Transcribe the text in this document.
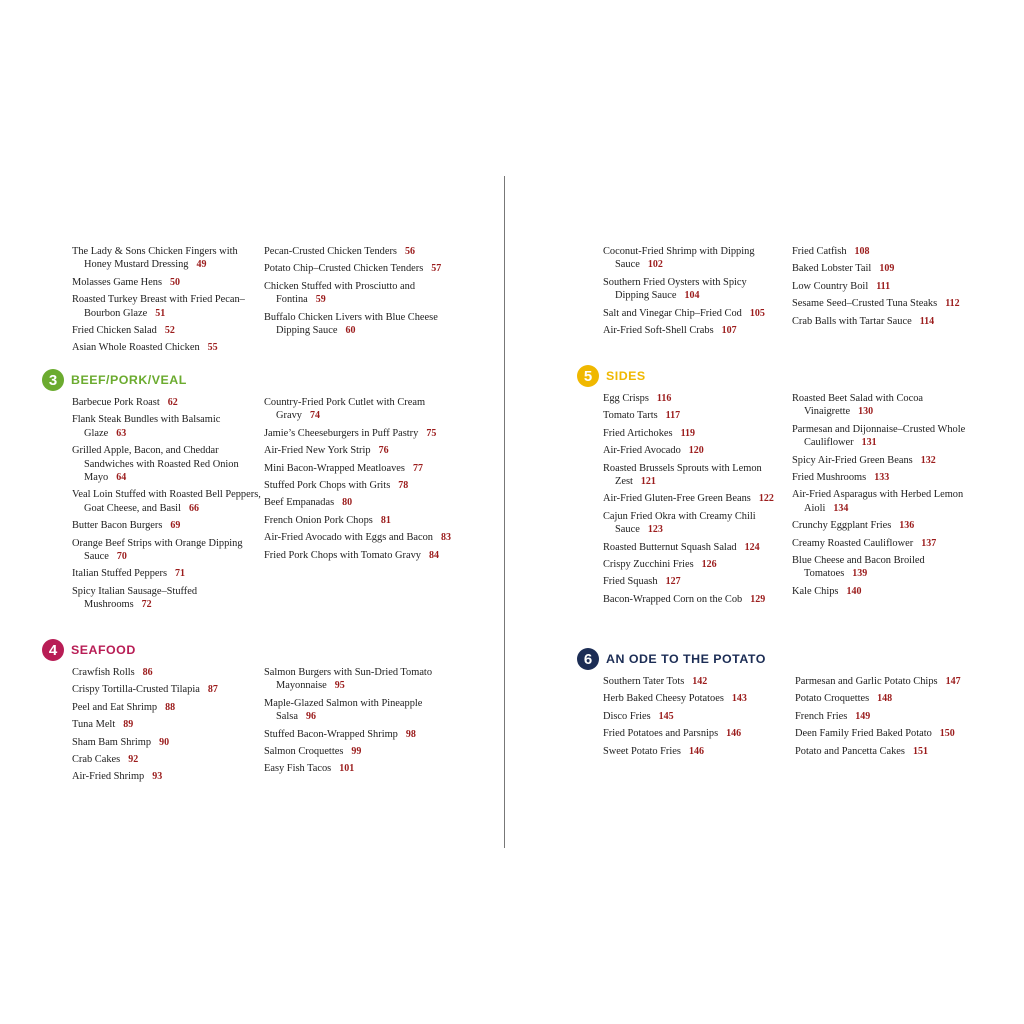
The Lady & Sons Chicken Fingers with Honey Mustard Dressing 49
Molasses Game Hens 50
Roasted Turkey Breast with Fried Pecan–Bourbon Glaze 51
Fried Chicken Salad 52
Asian Whole Roasted Chicken 55
Pecan-Crusted Chicken Tenders 56
Potato Chip–Crusted Chicken Tenders 57
Chicken Stuffed with Prosciutto and Fontina 59
Buffalo Chicken Livers with Blue Cheese Dipping Sauce 60
3	BEEF/PORK/VEAL
Barbecue Pork Roast 62
Flank Steak Bundles with Balsamic Glaze 63
Grilled Apple, Bacon, and Cheddar Sandwiches with Roasted Red Onion Mayo 64
Veal Loin Stuffed with Roasted Bell Peppers, Goat Cheese, and Basil 66
Butter Bacon Burgers 69
Orange Beef Strips with Orange Dipping Sauce 70
Italian Stuffed Peppers 71
Spicy Italian Sausage–Stuffed Mushrooms 72
Country-Fried Pork Cutlet with Cream Gravy 74
Jamie’s Cheeseburgers in Puff Pastry 75
Air-Fried New York Strip 76
Mini Bacon-Wrapped Meatloaves 77
Stuffed Pork Chops with Grits 78
Beef Empanadas 80
French Onion Pork Chops 81
Air-Fried Avocado with Eggs and Bacon 83
Fried Pork Chops with Tomato Gravy 84
4	SEAFOOD
Crawfish Rolls 86
Crispy Tortilla-Crusted Tilapia 87
Peel and Eat Shrimp 88
Tuna Melt 89
Sham Bam Shrimp 90
Crab Cakes 92
Air-Fried Shrimp 93
Salmon Burgers with Sun-Dried Tomato Mayonnaise 95
Maple-Glazed Salmon with Pineapple Salsa 96
Stuffed Bacon-Wrapped Shrimp 98
Salmon Croquettes 99
Easy Fish Tacos 101
Coconut-Fried Shrimp with Dipping Sauce 102
Southern Fried Oysters with Spicy Dipping Sauce 104
Salt and Vinegar Chip–Fried Cod 105
Air-Fried Soft-Shell Crabs 107
Fried Catfish 108
Baked Lobster Tail 109
Low Country Boil 111
Sesame Seed–Crusted Tuna Steaks 112
Crab Balls with Tartar Sauce 114
5	SIDES
Egg Crisps 116
Tomato Tarts 117
Fried Artichokes 119
Air-Fried Avocado 120
Roasted Brussels Sprouts with Lemon Zest 121
Air-Fried Gluten-Free Green Beans 122
Cajun Fried Okra with Creamy Chili Sauce 123
Roasted Butternut Squash Salad 124
Crispy Zucchini Fries 126
Fried Squash 127
Bacon-Wrapped Corn on the Cob 129
Roasted Beet Salad with Cocoa Vinaigrette 130
Parmesan and Dijonnaise–Crusted Whole Cauliflower 131
Spicy Air-Fried Green Beans 132
Fried Mushrooms 133
Air-Fried Asparagus with Herbed Lemon Aioli 134
Crunchy Eggplant Fries 136
Creamy Roasted Cauliflower 137
Blue Cheese and Bacon Broiled Tomatoes 139
Kale Chips 140
6	AN ODE TO THE POTATO
Southern Tater Tots 142
Herb Baked Cheesy Potatoes 143
Disco Fries 145
Fried Potatoes and Parsnips 146
Sweet Potato Fries 146
Parmesan and Garlic Potato Chips 147
Potato Croquettes 148
French Fries 149
Deen Family Fried Baked Potato 150
Potato and Pancetta Cakes 151
